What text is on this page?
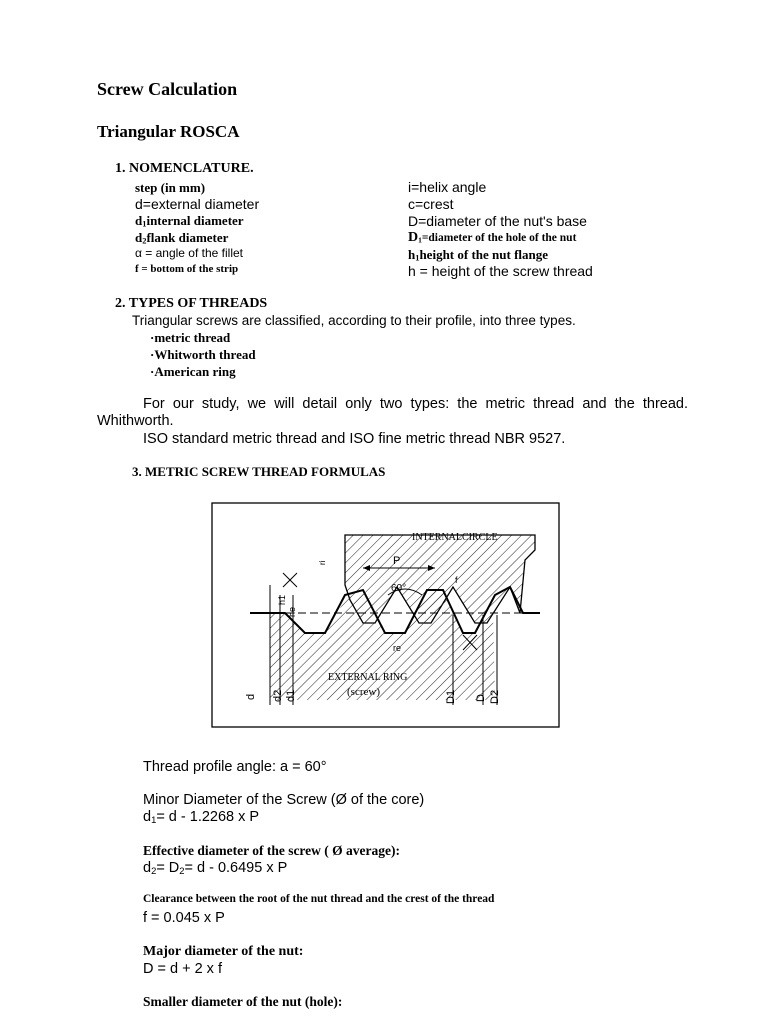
Screw Calculation
Triangular ROSCA
1. NOMENCLATURE.
step (in mm)
d=external diameter
$d_1internal$ diameter
$d_2flank$ diameter
α = angle of the fillet
f = bottom of the strip
i=helix angle
c=crest
D=diameter of the nut's base
$D_1=diameter$ of the hole of the nut
$h_1height$ of the nut flange
h = height of the screw thread
2. TYPES OF THREADS
Triangular screws are classified, according to their profile, into three types.
·metric thread
·Whitworth thread
·American ring
For our study, we will detail only two types: the metric thread and the thread.
Whithworth.
ISO standard metric thread and ISO fine metric thread NBR 9527.
3. METRIC SCREW THREAD FORMULAS
INTERNALCIRCLE
EXTERNAL RING
(screw)
P
60°
ri
re
he
h1
f
d d2 d1	D1 D D2
Thread profile angle: a = 60°
Minor Diameter of the Screw (Ø of the core)
$d_1= d - 1.2268$ x P
Effective diameter of the screw ( Ø average):
$d_2= D_2= d - 0.6495$ x P
Clearance between the root of the nut thread and the crest of the thread
f = 0.045 x P
Major diameter of the nut:
D = d + 2 x f
Smaller diameter of the nut (hole):
